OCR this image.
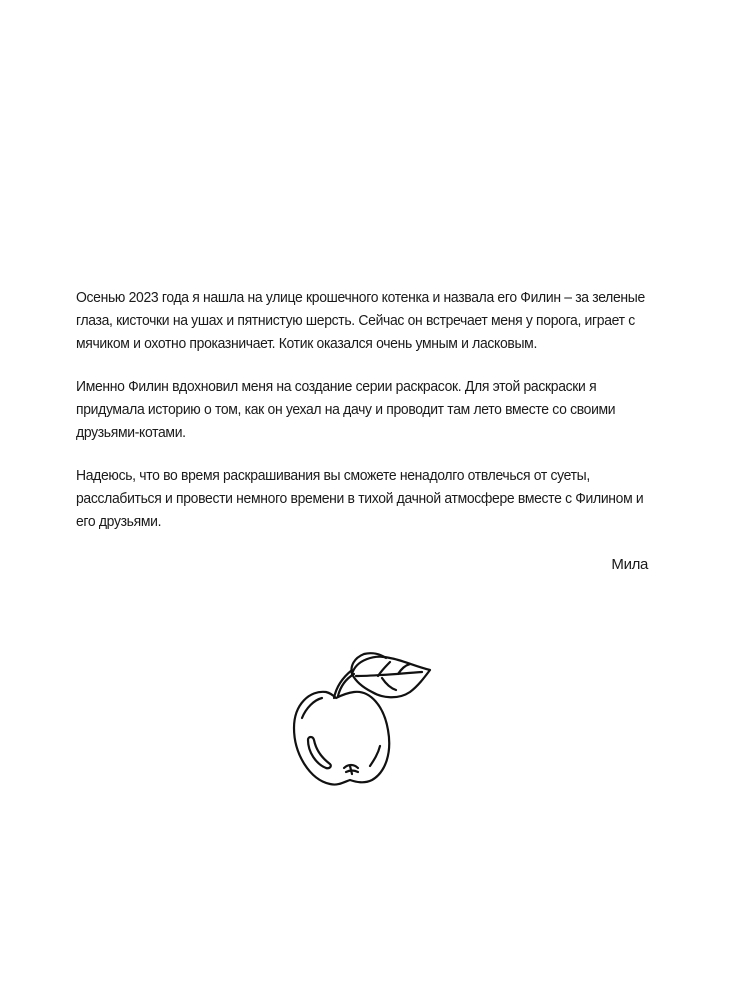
Осенью 2023 года я нашла на улице крошечного котенка и назвала его Филин – за зеленые глаза, кисточки на ушах и пятнистую шерсть. Сейчас он встречает меня у порога, играет с мячиком и охотно проказничает. Котик оказался очень умным и ласковым.

Именно Филин вдохновил меня на создание серии раскрасок. Для этой раскраски я придумала историю о том, как он уехал на дачу и проводит там лето вместе со своими друзьями-котами.

Надеюсь, что во время раскрашивания вы сможете ненадолго отвлечься от суеты, расслабиться и провести немного времени в тихой дачной атмосфере вместе с Филином и его друзьями.

Мила
